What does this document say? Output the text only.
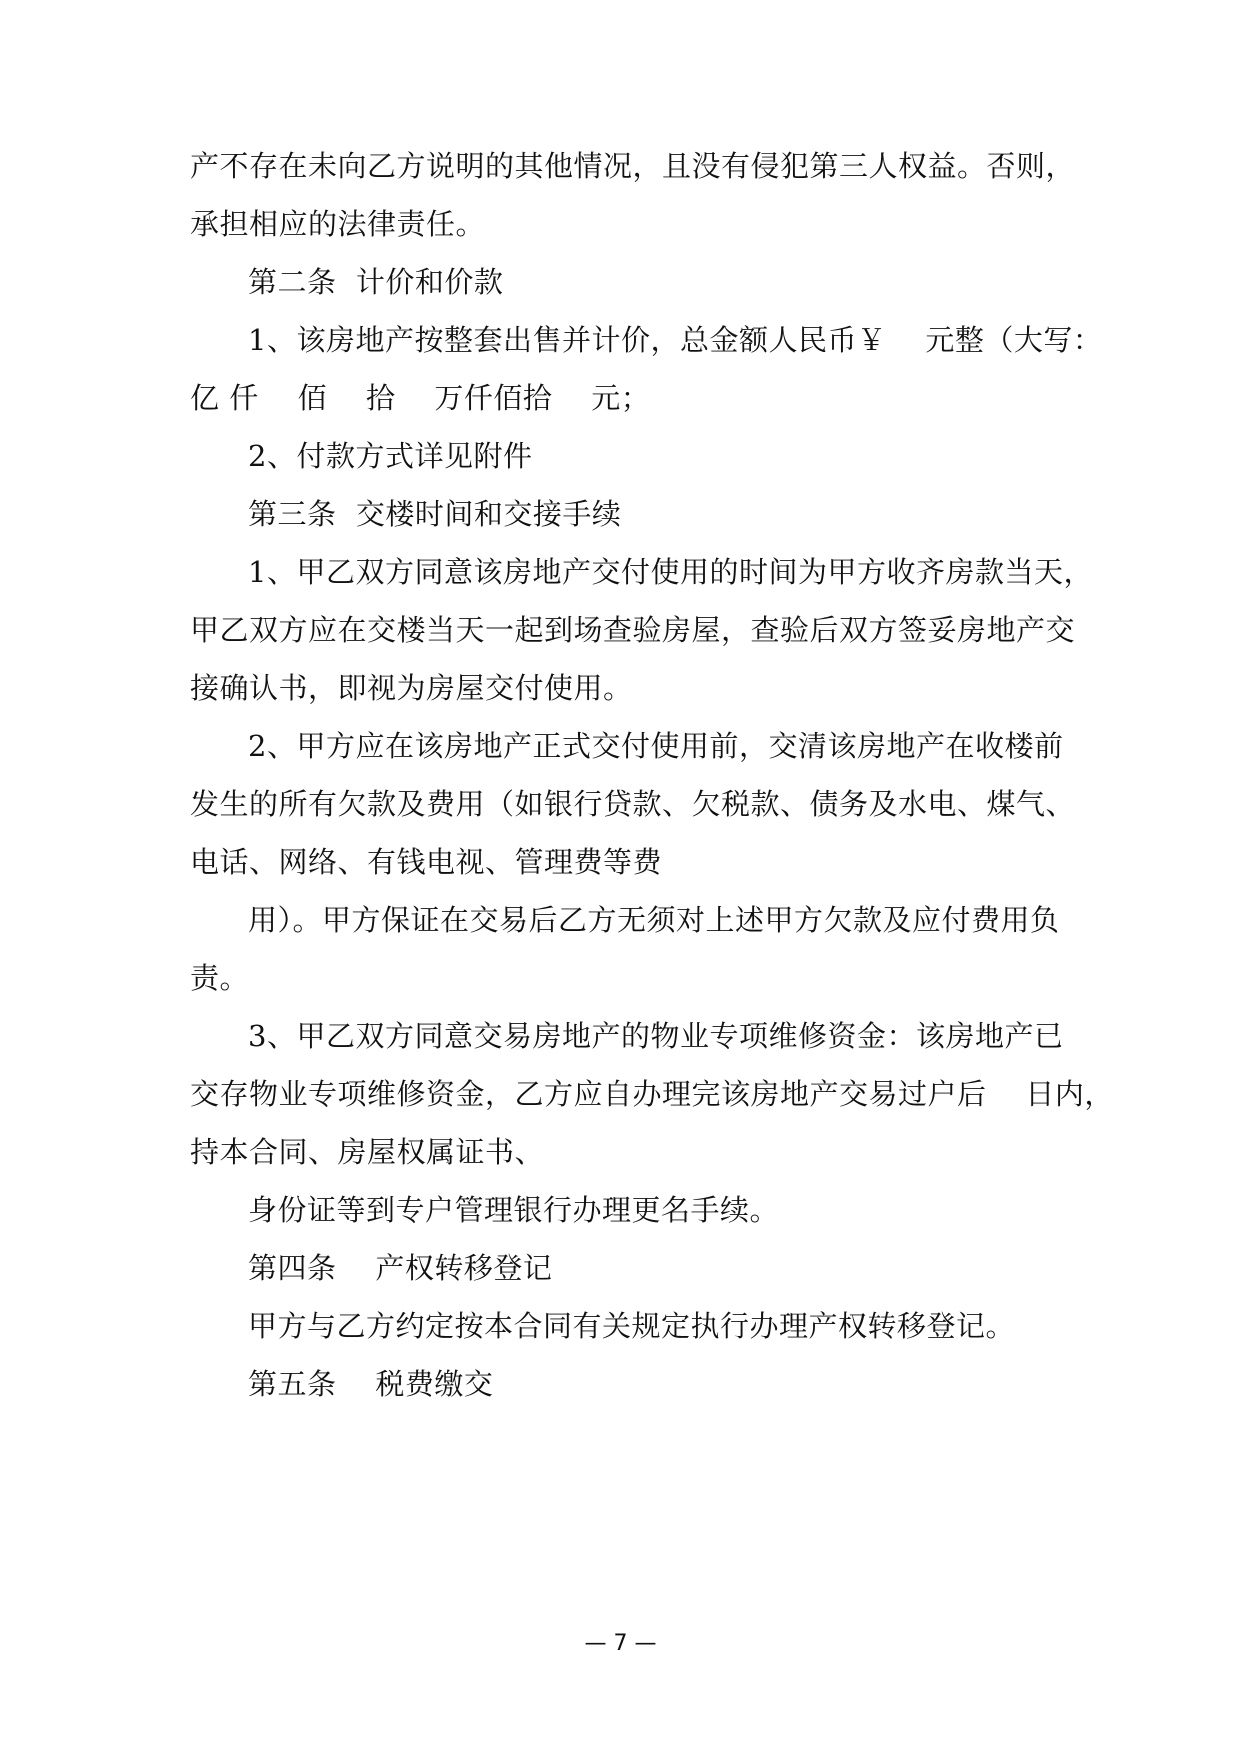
产不存在未向乙方说明的其他情况，且没有侵犯第三人权益。否则，
承担相应的法律责任。
第二条  计价和价款
1、该房地产按整套出售并计价，总金额人民币￥    元整（大写：
亿 仟    佰    拾    万仟佰拾    元；
2、付款方式详见附件
第三条  交楼时间和交接手续
1、甲乙双方同意该房地产交付使用的时间为甲方收齐房款当天，
甲乙双方应在交楼当天一起到场查验房屋，查验后双方签妥房地产交
接确认书，即视为房屋交付使用。
2、甲方应在该房地产正式交付使用前，交清该房地产在收楼前
发生的所有欠款及费用（如银行贷款、欠税款、债务及水电、煤气、
电话、网络、有钱电视、管理费等费
用）。甲方保证在交易后乙方无须对上述甲方欠款及应付费用负
责。
3、甲乙双方同意交易房地产的物业专项维修资金：该房地产已
交存物业专项维修资金，乙方应自办理完该房地产交易过户后    日内，
持本合同、房屋权属证书、
身份证等到专户管理银行办理更名手续。
第四条    产权转移登记
甲方与乙方约定按本合同有关规定执行办理产权转移登记。
第五条    税费缴交
— 7 —
